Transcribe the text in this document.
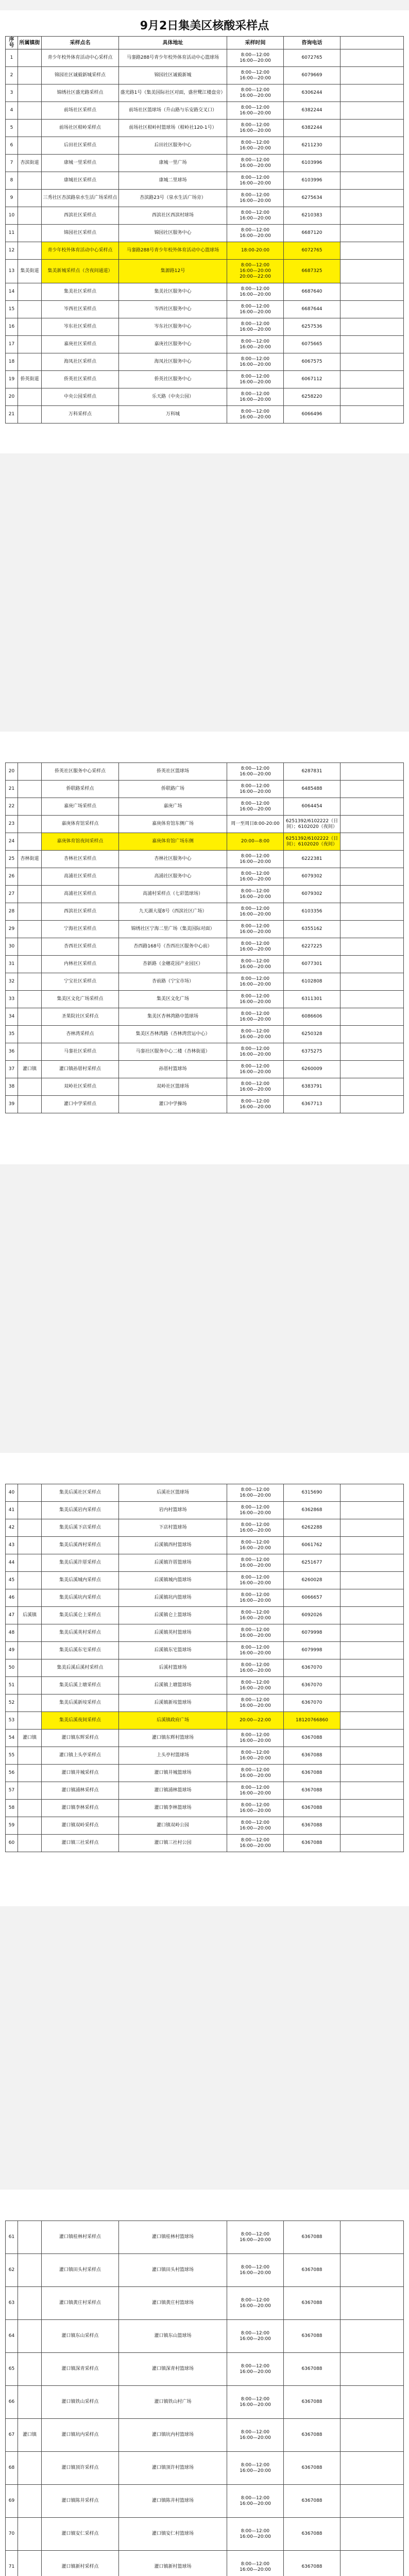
9月2日集美区核酸采样点
序号	所属镇街	采样点名	具体地址	采样时间	咨询电话	
1		青少年校外体育活动中心采样点	马銮路288号青少年校外体育活动中心篮球场	8:00—12:00
16:00—20:00	6072765	
2		锦园社区诚毅新城采样点	锦园社区诚毅新城	8:00—12:00
16:00—20:00	6079669	
3		锦绣社区盛光路采样点	盛光路1号（集美国际社区对面，盛世鹭江楼盘旁）	8:00—12:00
16:00—20:00	6306244	
4		前场社区采样点	前场社区篮球场（升山路与乐安路交叉口）	8:00—12:00
16:00—20:00	6382244	
5		前场社区柑岭采样点	前场社区柑岭村篮球场（柑岭社120-1号）	8:00—12:00
16:00—20:00	6382244	
6		后田社区采样点	后田社区服务中心	8:00—12:00
16:00—20:00	6211230	
7	杏滨街道	康城一里采样点	康城一里广场	8:00—12:00
16:00—20:00	6103996	
8		康城社区采样点	康城二里球场	8:00—12:00
16:00—20:00	6103996	
9		三秀社区杏滨路泉水生活广场采样点	杏滨路23号（泉水生活广场旁）	8:00—12:00
16:00—20:00	6275634	
10		西滨社区采样点	西滨社区西滨村球场	8:00—12:00
16:00—20:00	6210383	
11		锦园社区采样点	锦园社区服务中心	8:00—12:00
16:00—20:00	6687120	
12		青少年校外体育活动中心采样点	马銮路288号青少年校外体育活动中心篮球场	18:00-20:00	6072765	
13	集美街道	集美新城采样点（含夜间通道）	集源路12号	8:00—12:00
16:00—20:00
20:00—22:00	6687325	
14		集美社区采样点	集美社区服务中心	8:00—12:00
16:00—20:00	6687640	
15		岑西社区采样点	岑西社区服务中心	8:00—12:00
16:00—20:00	6687644	
16		岑东社区采样点	岑东社区服务中心	8:00—12:00
16:00—20:00	6257536	
17		嘉庚社区采样点	嘉庚社区服务中心	8:00—12:00
16:00—20:00	6075665	
18		海凤社区采样点	海凤社区服务中心	8:00—12:00
16:00—20:00	6067575	
19	侨英街道	侨英社区采样点	侨英社区服务中心	8:00—12:00
16:00—20:00	6067112	
20		中央公园采样点	乐天路（中央公园）	8:00—12:00
16:00—20:00	6258220	
21		万科采样点	万科城	8:00—12:00
16:00—20:00	6066496	
20		侨英社区服务中心采样点	侨英社区篮球场	8:00—12:00
16:00—20:00	6287831	
21		侨联路采样点	侨联路广场	8:00—12:00
16:00—20:00	6485488	
22		嘉庚广场采样点	嘉庚广场	8:00—12:00
16:00—20:00	6064454	
23		嘉庚体育馆采样点	嘉庚体育馆东侧广场	周一至周日8:00-20:00	6251392/6102222（日间）；6102020（夜间）	
24		嘉庚体育馆夜间采样点	嘉庚体育馆广场东侧	20:00—8:00	6251392/6102222（日间）；6102020（夜间）	
25	杏林街道	杏林社区采样点	杏林社区服务中心	8:00—12:00
16:00—20:00	6222381	
26		高浦社区采样点	高浦社区服务中心	8:00—12:00
16:00—20:00	6079302	
27		高浦社区采样点	高浦村采样点（七彩篮球场）	8:00—12:00
16:00—20:00	6079302	
28		西滨社区采样点	九天湖大厦8号（西滨社区广场）	8:00—12:00
16:00—20:00	6103356	
29		宁海社区采样点	锦绣社区宁海二里广场（集美国际对面）	8:00—12:00
16:00—20:00	6355162	
30		杏西社区采样点	杏西路168号（杏西社区服务中心前）	8:00—12:00
16:00—20:00	6227225	
31		内林社区采样点	杏新路（金穗花园产业园区）	8:00—12:00
16:00—20:00	6077301	
32		宁宝社区采样点	杏前路（宁宝市场）	8:00—12:00
16:00—20:00	6102808	
33		集美区文化广场采样点	集美区文化广场	8:00—12:00
16:00—20:00	6311301	
34		圣果院社区采样点	集美区杏林湾路中篮球场	8:00—12:00
16:00—20:00	6086606	
35		杏林湾采样点	集美区杏林湾路（杏林湾营运中心）	8:00—12:00
16:00—20:00	6250328	
36		马銮社区采样点	马銮社区服务中心二楼（杏林街道）	8:00—12:00
16:00—20:00	6375275	
37	灌口镇	灌口镇孙厝村采样点	孙厝村篮球场	8:00—12:00
16:00—20:00	6260009	
38		双岭社区采样点	双岭社区篮球场	8:00—12:00
16:00—20:00	6383791	
39		灌口中学采样点	灌口中学操场	8:00—12:00
16:00—20:00	6367713	
40		集美后溪社区采样点	后溪社区篮球场	8:00—12:00
16:00—20:00	6315690	
41		集美后溪岩内采样点	岩内村篮球场	8:00—12:00
16:00—20:00	6362868	
42		集美后溪下店采样点	下店村篮球场	8:00—12:00
16:00—20:00	6262288	
43		集美后溪西村采样点	后溪镇西村篮球场	8:00—12:00
16:00—20:00	6061762	
44		集美后溪许厝采样点	后溪镇许厝篮球场	8:00—12:00
16:00—20:00	6251677	
45		集美后溪城内采样点	后溪镇城内篮球场	8:00—12:00
16:00—20:00	6260028	
46		集美后溪坑内采样点	后溪镇坑内篮球场	8:00—12:00
16:00—20:00	6066657	
47	后溪镇	集美后溪仑上采样点	后溪镇仑上篮球场	8:00—12:00
16:00—20:00	6092026	
48		集美后溪英村采样点	后溪镇英村篮球场	8:00—12:00
16:00—20:00	6079998	
49		集美后溪东宅采样点	后溪镇东宅篮球场	8:00—12:00
16:00—20:00	6079998	
50		集美后溪后溪村采样点	后溪村篮球场	8:00—12:00
16:00—20:00	6367070	
51		集美后溪上塘采样点	后溪镇上塘篮球场	8:00—12:00
16:00—20:00	6367070	
52		集美后溪新垵采样点	后溪镇新垵篮球场	8:00—12:00
16:00—20:00	6367070	
53		集美后溪夜间采样点	后溪镇政府广场	20:00—22:00	18120766860	
54	灌口镇	灌口镇东辉采样点	灌口镇东辉村篮球场	8:00—12:00
16:00—20:00	6367088	
55		灌口镇上头亭采样点	上头亭村篮球场	8:00—12:00
16:00—20:00	6367088	
56		灌口镇井城采样点	灌口镇井城篮球场	8:00—12:00
16:00—20:00	6367088	
57		灌口镇浦林采样点	灌口镇浦林篮球场	8:00—12:00
16:00—20:00	6367088	
58		灌口镇李林采样点	灌口镇李林篮球场	8:00—12:00
16:00—20:00	6367088	
59		灌口镇双岭采样点	灌口镇双岭公园	8:00—12:00
16:00—20:00	6367088	
60		灌口镇三社采样点	灌口镇三社村公园	8:00—12:00
16:00—20:00	6367088	
61		灌口镇桂林村采样点	灌口镇桂林村篮球场	8:00—12:00
16:00—20:00	6367088	
62		灌口镇田头村采样点	灌口镇田头村篮球场	8:00—12:00
16:00—20:00	6367088	
63		灌口镇黄庄村采样点	灌口镇黄庄村篮球场	8:00—12:00
16:00—20:00	6367088	
64		灌口镇东山采样点	灌口镇东山篮球场	8:00—12:00
16:00—20:00	6367088	
65		灌口镇深青采样点	灌口镇深青村篮球场	8:00—12:00
16:00—20:00	6367088	
66		灌口镇铁山采样点	灌口镇铁山村广场	8:00—12:00
16:00—20:00	6367088	
67	灌口镇	灌口镇坑内采样点	灌口镇坑内村篮球场	8:00—12:00
16:00—20:00	6367088	
68		灌口镇顶许采样点	灌口镇顶许村篮球场	8:00—12:00
16:00—20:00	6367088	
69		灌口镇陈井采样点	灌口镇陈井村篮球场	8:00—12:00
16:00—20:00	6367088	
70		灌口镇安仁采样点	灌口镇安仁村篮球场	8:00—12:00
16:00—20:00	6367088	
71		灌口镇新村采样点	灌口镇新村篮球场	8:00—12:00
16:00—20:00	6367088	
